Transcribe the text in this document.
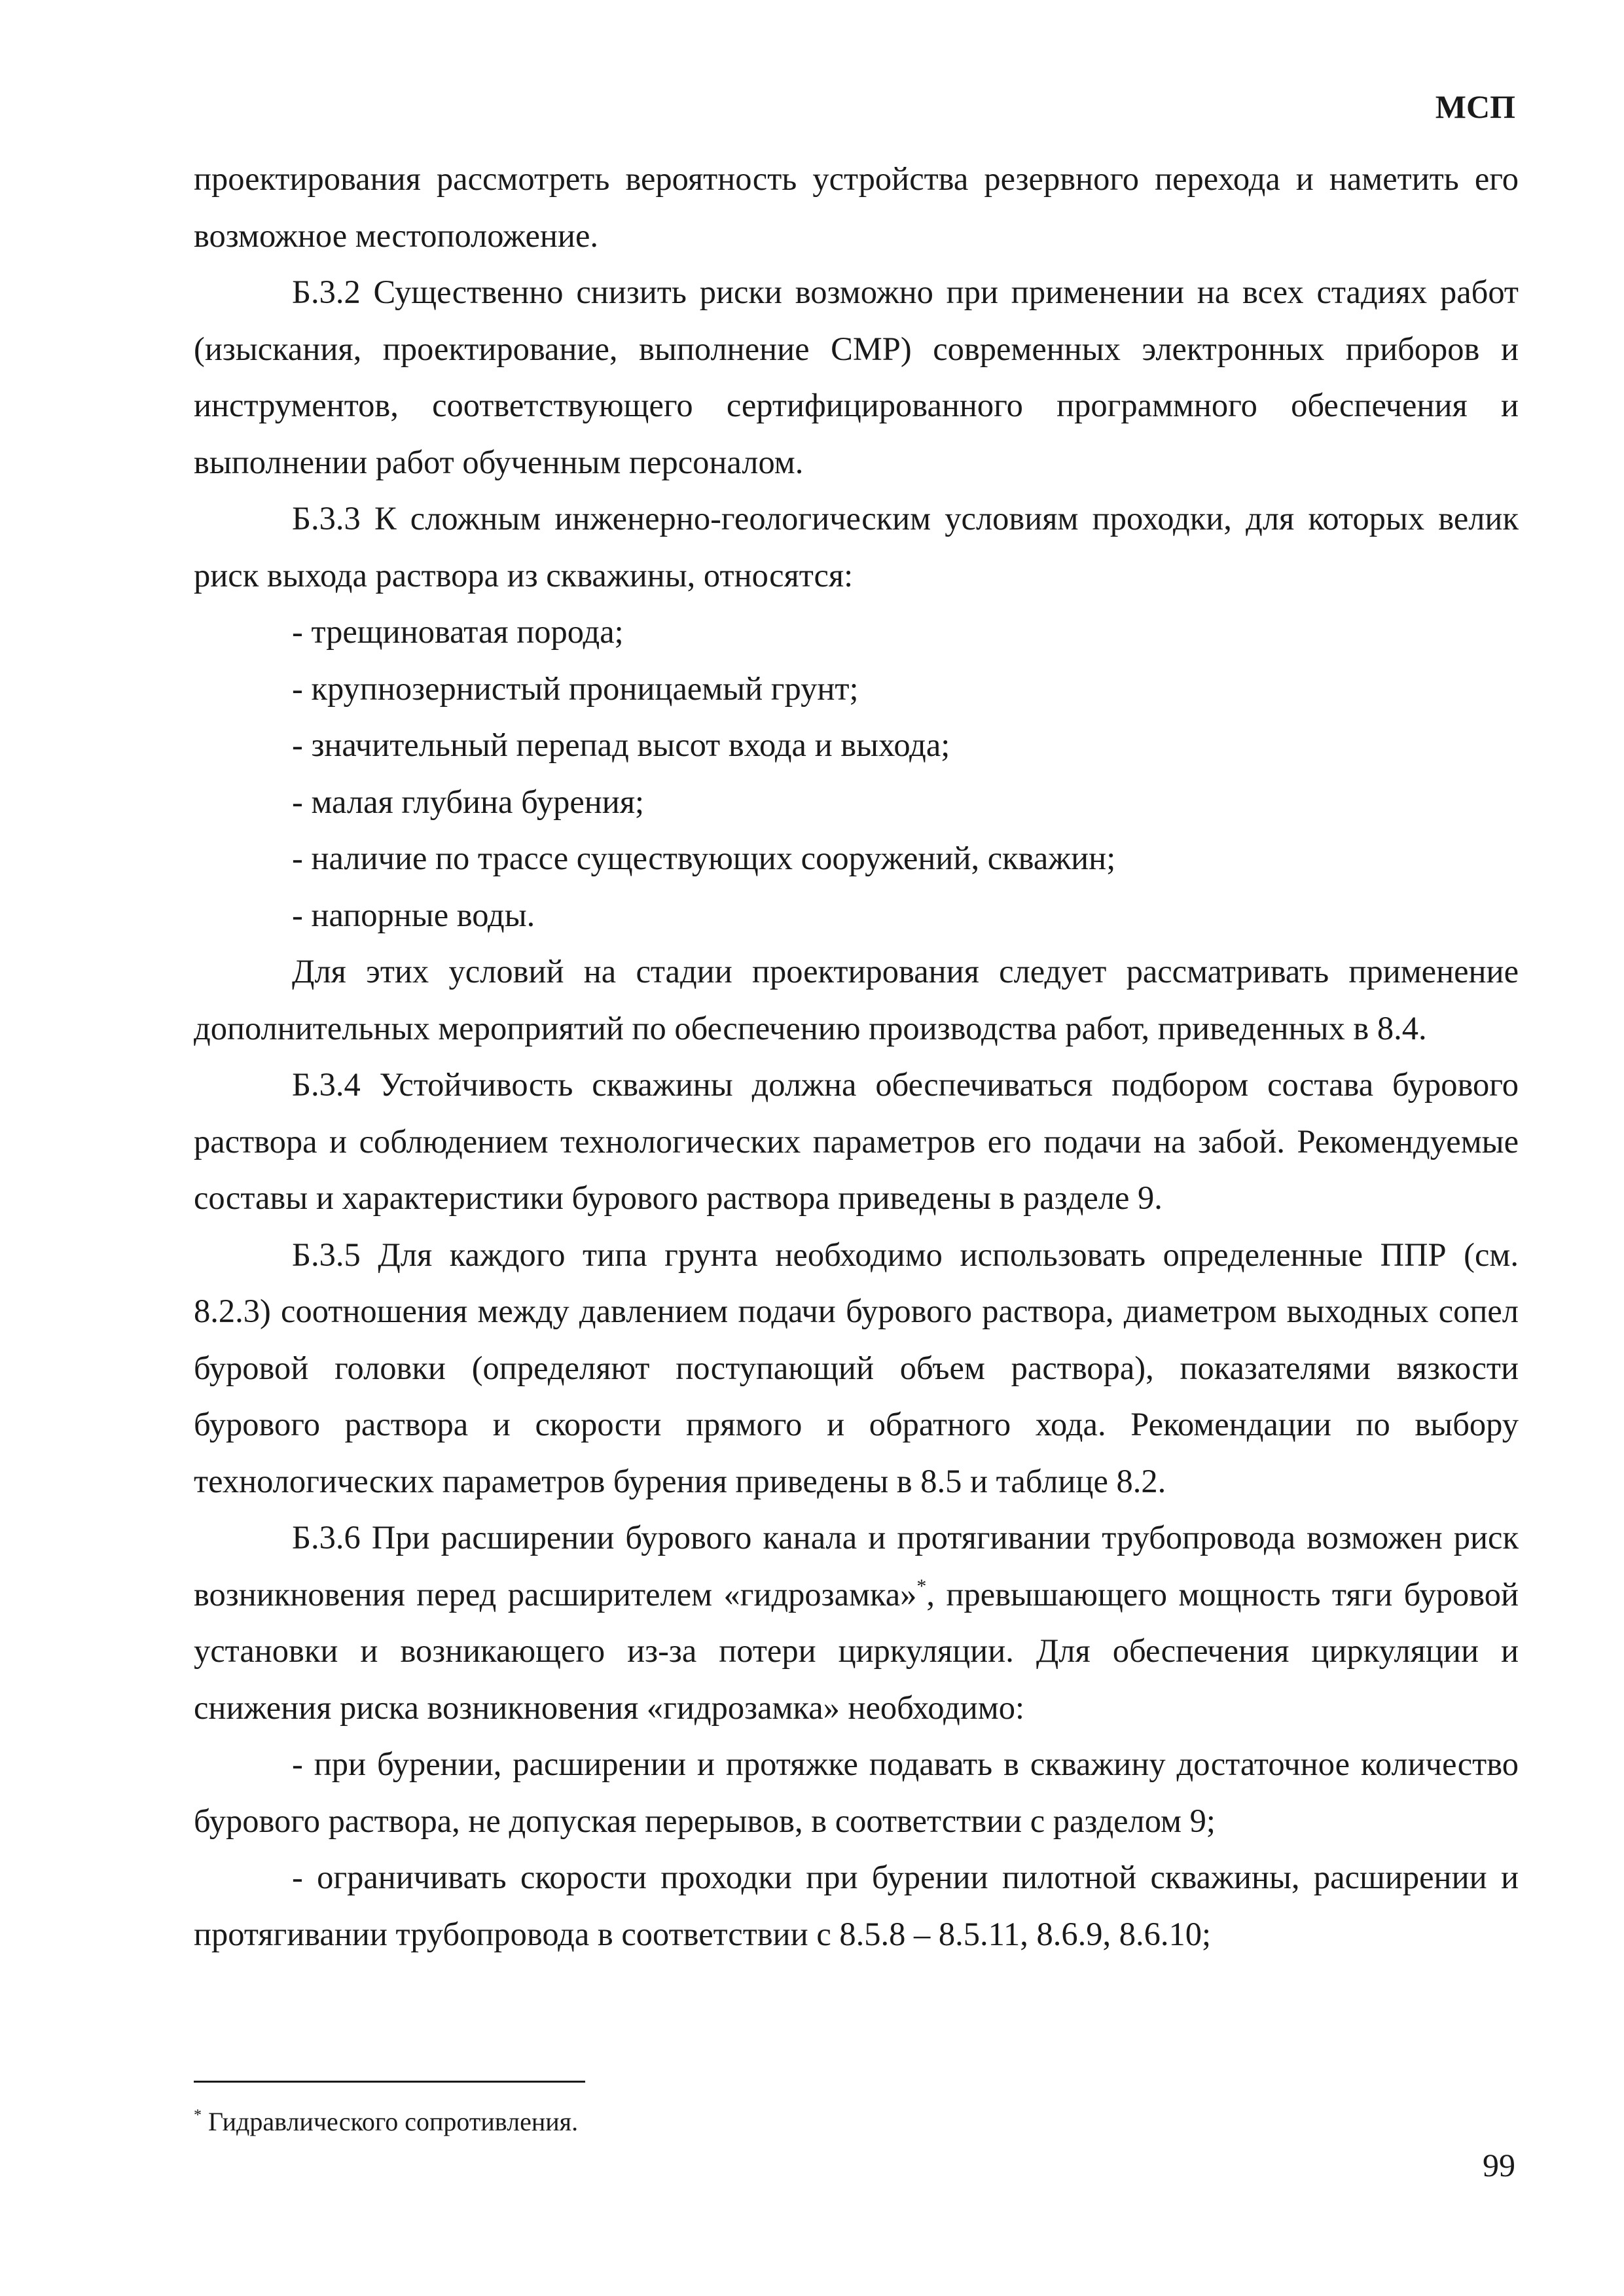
МСП

проектирования рассмотреть вероятность устройства резервного перехода и наметить его возможное местоположение.

Б.3.2 Существенно снизить риски возможно при применении на всех стадиях работ (изыскания, проектирование, выполнение СМР) современных электронных приборов и инструментов, соответствующего сертифицированного программного обеспечения и выполнении работ обученным персоналом.

Б.3.3 К сложным инженерно-геологическим условиям проходки, для которых велик риск выхода раствора из скважины, относятся:

- трещиноватая порода;

- крупнозернистый проницаемый грунт;

- значительный перепад высот входа и выхода;

- малая глубина бурения;

- наличие по трассе существующих сооружений, скважин;

- напорные воды.

Для этих условий на стадии проектирования следует рассматривать применение дополнительных мероприятий по обеспечению производства работ, приведенных в 8.4.

Б.3.4 Устойчивость скважины должна обеспечиваться подбором состава бурового раствора и соблюдением технологических параметров его подачи на забой. Рекомендуемые составы и характеристики бурового раствора приведены в разделе 9.

Б.3.5 Для каждого типа грунта необходимо использовать определенные ППР (см. 8.2.3) соотношения между давлением подачи бурового раствора, диаметром выходных сопел буровой головки (определяют поступающий объем раствора), показателями вязкости бурового раствора и скорости прямого и обратного хода. Рекомендации по выбору технологических параметров бурения приведены в 8.5 и таблице 8.2.

Б.3.6 При расширении бурового канала и протягивании трубопровода возможен риск возникновения перед расширителем «гидрозамка»*, превышающего мощность тяги буровой установки и возникающего из-за потери циркуляции. Для обеспечения циркуляции и снижения риска возникновения «гидрозамка» необходимо:

- при бурении, расширении и протяжке подавать в скважину достаточное количество бурового раствора, не допуская перерывов, в соответствии с разделом 9;

- ограничивать скорости проходки при бурении пилотной скважины, расширении и протягивании трубопровода в соответствии с 8.5.8 – 8.5.11, 8.6.9, 8.6.10;

* Гидравлического сопротивления.
99
